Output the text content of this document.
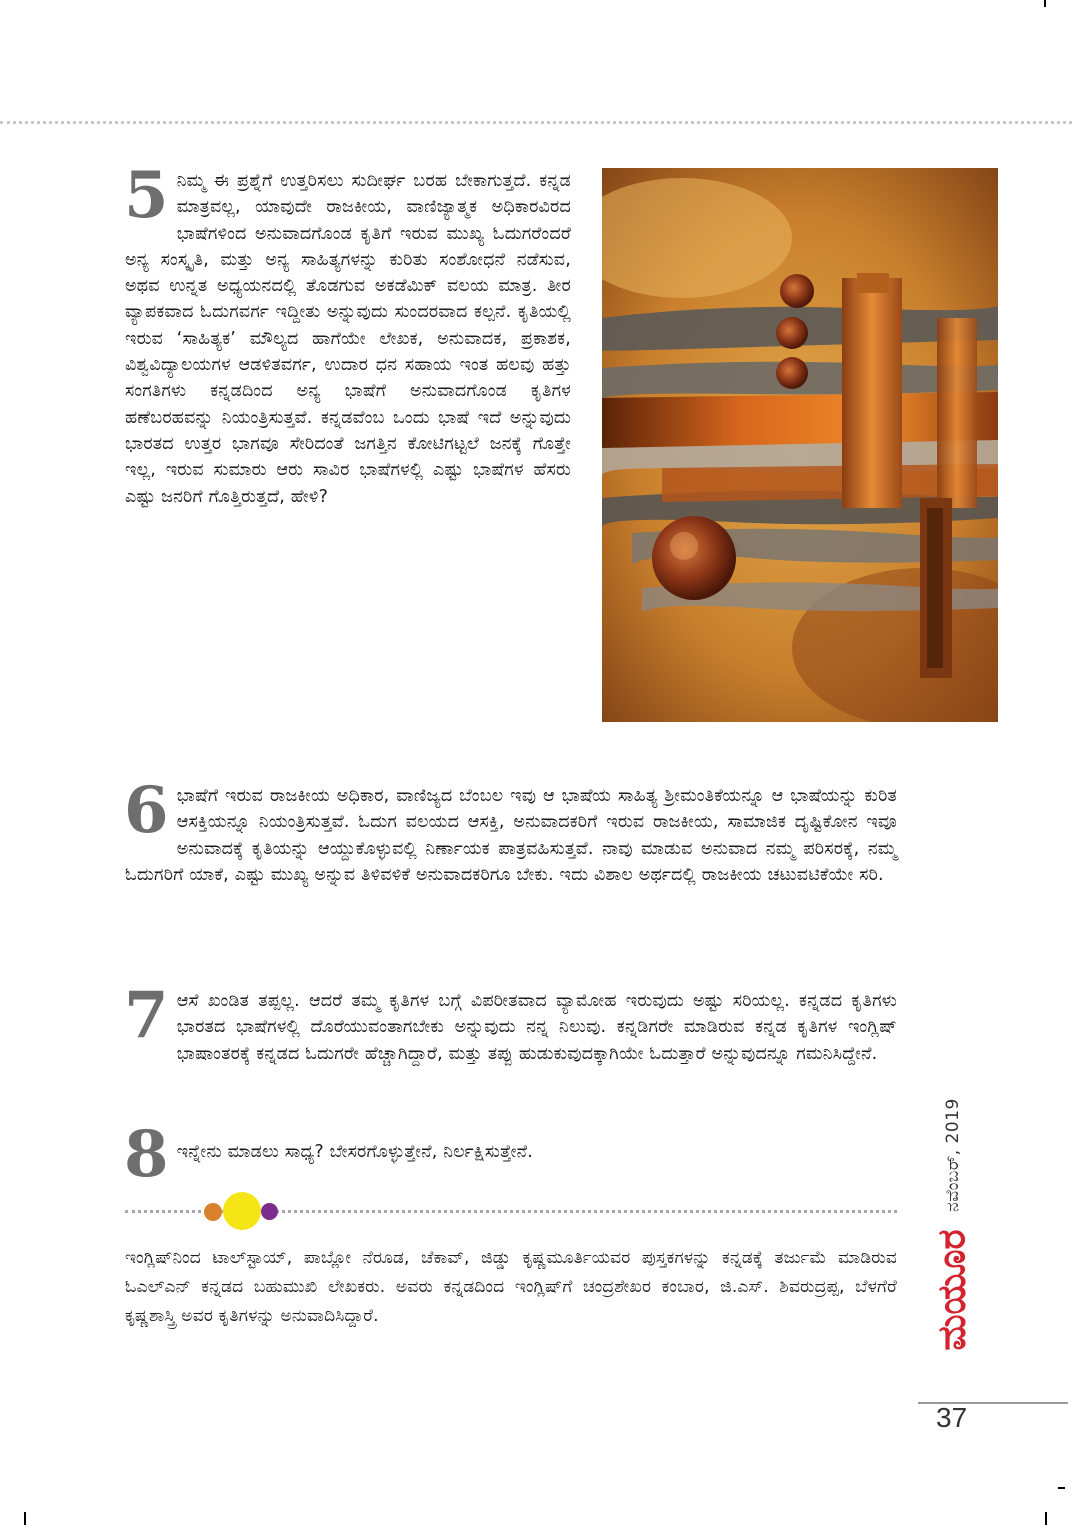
5 ನಿಮ್ಮ ಈ ಪ್ರಶ್ನೆಗೆ ಉತ್ತರಿಸಲು ಸುದೀರ್ಘ ಬರಹ ಬೇಕಾಗುತ್ತದೆ. ಕನ್ನಡ ಮಾತ್ರವಲ್ಲ, ಯಾವುದೇ ರಾಜಕೀಯ, ವಾಣಿಜ್ಯಾತ್ಮಕ ಅಧಿಕಾರವಿರದ ಭಾಷೆಗಳಿಂದ ಅನುವಾದಗೊಂಡ ಕೃತಿಗೆ ಇರುವ ಮುಖ್ಯ ಓದುಗರೆಂದರೆ ಅನ್ಯ ಸಂಸ್ಕೃತಿ, ಮತ್ತು ಅನ್ಯ ಸಾಹಿತ್ಯಗಳನ್ನು ಕುರಿತು ಸಂಶೋಧನೆ ನಡೆಸುವ, ಅಥವ ಉನ್ನತ ಅಧ್ಯಯನದಲ್ಲಿ ತೊಡಗುವ ಅಕಡೆಮಿಕ್ ವಲಯ ಮಾತ್ರ. ತೀರ ವ್ಯಾಪಕವಾದ ಓದುಗವರ್ಗ ಇದ್ದೀತು ಅನ್ನುವುದು ಸುಂದರವಾದ ಕಲ್ಪನೆ. ಕೃತಿಯಲ್ಲಿ ಇರುವ ‘ಸಾಹಿತ್ಯಕ’ ಮೌಲ್ಯದ ಹಾಗೆಯೇ ಲೇಖಕ, ಅನುವಾದಕ, ಪ್ರಕಾಶಕ, ವಿಶ್ವವಿದ್ಯಾಲಯಗಳ ಆಡಳಿತವರ್ಗ, ಉದಾರ ಧನ ಸಹಾಯ ಇಂತ ಹಲವು ಹತ್ತು ಸಂಗತಿಗಳು ಕನ್ನಡದಿಂದ ಅನ್ಯ ಭಾಷೆಗೆ ಅನುವಾದಗೊಂಡ ಕೃತಿಗಳ ಹಣೆಬರಹವನ್ನು ನಿಯಂತ್ರಿಸುತ್ತವೆ. ಕನ್ನಡವೆಂಬ ಒಂದು ಭಾಷೆ ಇದೆ ಅನ್ನುವುದು ಭಾರತದ ಉತ್ತರ ಭಾಗವೂ ಸೇರಿದಂತೆ ಜಗತ್ತಿನ ಕೋಟಿಗಟ್ಟಲೆ ಜನಕ್ಕೆ ಗೊತ್ತೇ ಇಲ್ಲ, ಇರುವ ಸುಮಾರು ಆರು ಸಾವಿರ ಭಾಷೆಗಳಲ್ಲಿ ಎಷ್ಟು ಭಾಷೆಗಳ ಹೆಸರು ಎಷ್ಟು ಜನರಿಗೆ ಗೊತ್ತಿರುತ್ತದೆ, ಹೇಳಿ?

6 ಭಾಷೆಗೆ ಇರುವ ರಾಜಕೀಯ ಅಧಿಕಾರ, ವಾಣಿಜ್ಯದ ಬೆಂಬಲ ಇವು ಆ ಭಾಷೆಯ ಸಾಹಿತ್ಯ ಶ್ರೀಮಂತಿಕೆಯನ್ನೂ ಆ ಭಾಷೆಯನ್ನು ಕುರಿತ ಆಸಕ್ತಿಯನ್ನೂ ನಿಯಂತ್ರಿಸುತ್ತವೆ. ಓದುಗ ವಲಯದ ಆಸಕ್ತಿ, ಅನುವಾದಕರಿಗೆ ಇರುವ ರಾಜಕೀಯ, ಸಾಮಾಜಿಕ ದೃಷ್ಟಿಕೋನ ಇವೂ ಅನುವಾದಕ್ಕೆ ಕೃತಿಯನ್ನು ಆಯ್ದುಕೊಳ್ಳುವಲ್ಲಿ ನಿರ್ಣಾಯಕ ಪಾತ್ರವಹಿಸುತ್ತವೆ. ನಾವು ಮಾಡುವ ಅನುವಾದ ನಮ್ಮ ಪರಿಸರಕ್ಕೆ, ನಮ್ಮ ಓದುಗರಿಗೆ ಯಾಕೆ, ಎಷ್ಟು ಮುಖ್ಯ ಅನ್ನುವ ತಿಳಿವಳಿಕೆ ಅನುವಾದಕರಿಗೂ ಬೇಕು. ಇದು ವಿಶಾಲ ಅರ್ಥದಲ್ಲಿ ರಾಜಕೀಯ ಚಟುವಟಿಕೆಯೇ ಸರಿ.

7 ಆಸೆ ಖಂಡಿತ ತಪ್ಪಲ್ಲ. ಆದರೆ ತಮ್ಮ ಕೃತಿಗಳ ಬಗ್ಗೆ ವಿಪರೀತವಾದ ವ್ಯಾಮೋಹ ಇರುವುದು ಅಷ್ಟು ಸರಿಯಲ್ಲ. ಕನ್ನಡದ ಕೃತಿಗಳು ಭಾರತದ ಭಾಷೆಗಳಲ್ಲಿ ದೊರೆಯುವಂತಾಗಬೇಕು ಅನ್ನುವುದು ನನ್ನ ನಿಲುವು. ಕನ್ನಡಿಗರೇ ಮಾಡಿರುವ ಕನ್ನಡ ಕೃತಿಗಳ ಇಂಗ್ಲಿಷ್ ಭಾಷಾಂತರಕ್ಕೆ ಕನ್ನಡದ ಓದುಗರೇ ಹೆಚ್ಚಾಗಿದ್ದಾರೆ, ಮತ್ತು ತಪ್ಪು ಹುಡುಕುವುದಕ್ಕಾಗಿಯೇ ಓದುತ್ತಾರೆ ಅನ್ನುವುದನ್ನೂ ಗಮನಿಸಿದ್ದೇನೆ.

8 ಇನ್ನೇನು ಮಾಡಲು ಸಾಧ್ಯ? ಬೇಸರಗೊಳ್ಳುತ್ತೇನೆ, ನಿರ್ಲಕ್ಷಿಸುತ್ತೇನೆ.

ಇಂಗ್ಲಿಷ್‌ನಿಂದ ಟಾಲ್‌ಸ್ಟಾಯ್, ಪಾಬ್ಲೋ ನೆರೂಡ, ಚೆಕಾವ್, ಜಿಡ್ಡು ಕೃಷ್ಣಮೂರ್ತಿಯವರ ಪುಸ್ತಕಗಳನ್ನು ಕನ್ನಡಕ್ಕೆ ತರ್ಜುಮೆ ಮಾಡಿರುವ ಓಎಲ್‌ಎನ್ ಕನ್ನಡದ ಬಹುಮುಖಿ ಲೇಖಕರು. ಅವರು ಕನ್ನಡದಿಂದ ಇಂಗ್ಲಿಷ್‌ಗೆ ಚಂದ್ರಶೇಖರ ಕಂಬಾರ, ಜಿ.ಎಸ್. ಶಿವರುದ್ರಪ್ಪ, ಬೆಳಗೆರೆ ಕೃಷ್ಣಶಾಸ್ತ್ರಿ ಅವರ ಕೃತಿಗಳನ್ನು ಅನುವಾದಿಸಿದ್ದಾರೆ.

ನವೆಂಬರ್, 2019
ಮಯೂರ
37
